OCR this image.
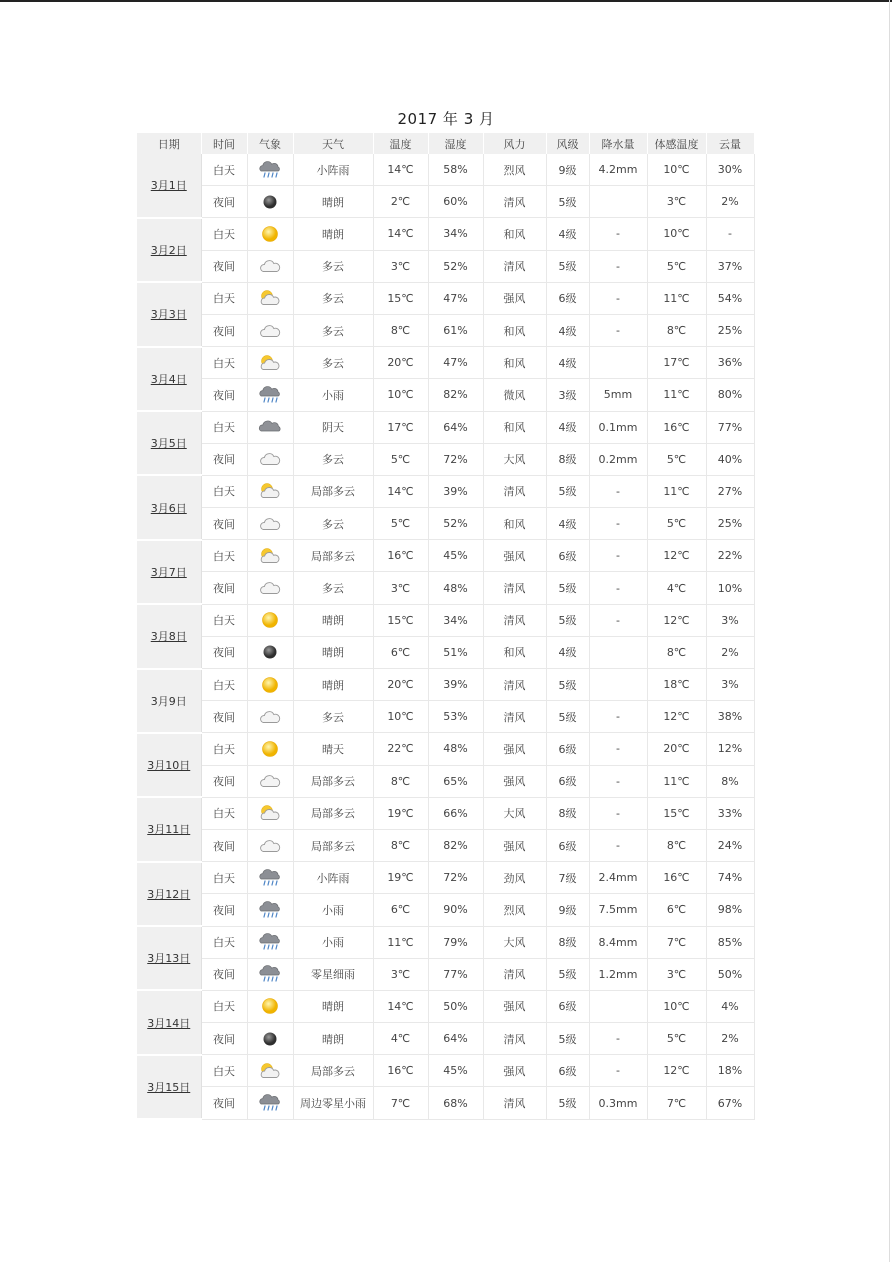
2017 年 3 月
日期	时间	气象	天气	温度	湿度	风力	风级	降水量	体感温度	云量
3月1日	白天		小阵雨	14℃	58%	烈风	9级	4.2mm	10℃	30%
	夜间		晴朗	2℃	60%	清风	5级		3℃	2%
3月2日	白天		晴朗	14℃	34%	和风	4级	-	10℃	-
	夜间		多云	3℃	52%	清风	5级	-	5℃	37%
3月3日	白天		多云	15℃	47%	强风	6级	-	11℃	54%
	夜间		多云	8℃	61%	和风	4级	-	8℃	25%
3月4日	白天		多云	20℃	47%	和风	4级		17℃	36%
	夜间		小雨	10℃	82%	微风	3级	5mm	11℃	80%
3月5日	白天		阴天	17℃	64%	和风	4级	0.1mm	16℃	77%
	夜间		多云	5℃	72%	大风	8级	0.2mm	5℃	40%
3月6日	白天		局部多云	14℃	39%	清风	5级	-	11℃	27%
	夜间		多云	5℃	52%	和风	4级	-	5℃	25%
3月7日	白天		局部多云	16℃	45%	强风	6级	-	12℃	22%
	夜间		多云	3℃	48%	清风	5级	-	4℃	10%
3月8日	白天		晴朗	15℃	34%	清风	5级	-	12℃	3%
	夜间		晴朗	6℃	51%	和风	4级		8℃	2%
3月9日	白天		晴朗	20℃	39%	清风	5级		18℃	3%
	夜间		多云	10℃	53%	清风	5级	-	12℃	38%
3月10日	白天		晴天	22℃	48%	强风	6级	-	20℃	12%
	夜间		局部多云	8℃	65%	强风	6级	-	11℃	8%
3月11日	白天		局部多云	19℃	66%	大风	8级	-	15℃	33%
	夜间		局部多云	8℃	82%	强风	6级	-	8℃	24%
3月12日	白天		小阵雨	19℃	72%	劲风	7级	2.4mm	16℃	74%
	夜间		小雨	6℃	90%	烈风	9级	7.5mm	6℃	98%
3月13日	白天		小雨	11℃	79%	大风	8级	8.4mm	7℃	85%
	夜间		零星细雨	3℃	77%	清风	5级	1.2mm	3℃	50%
3月14日	白天		晴朗	14℃	50%	强风	6级		10℃	4%
	夜间		晴朗	4℃	64%	清风	5级	-	5℃	2%
3月15日	白天		局部多云	16℃	45%	强风	6级	-	12℃	18%
	夜间		周边零星小雨	7℃	68%	清风	5级	0.3mm	7℃	67%
